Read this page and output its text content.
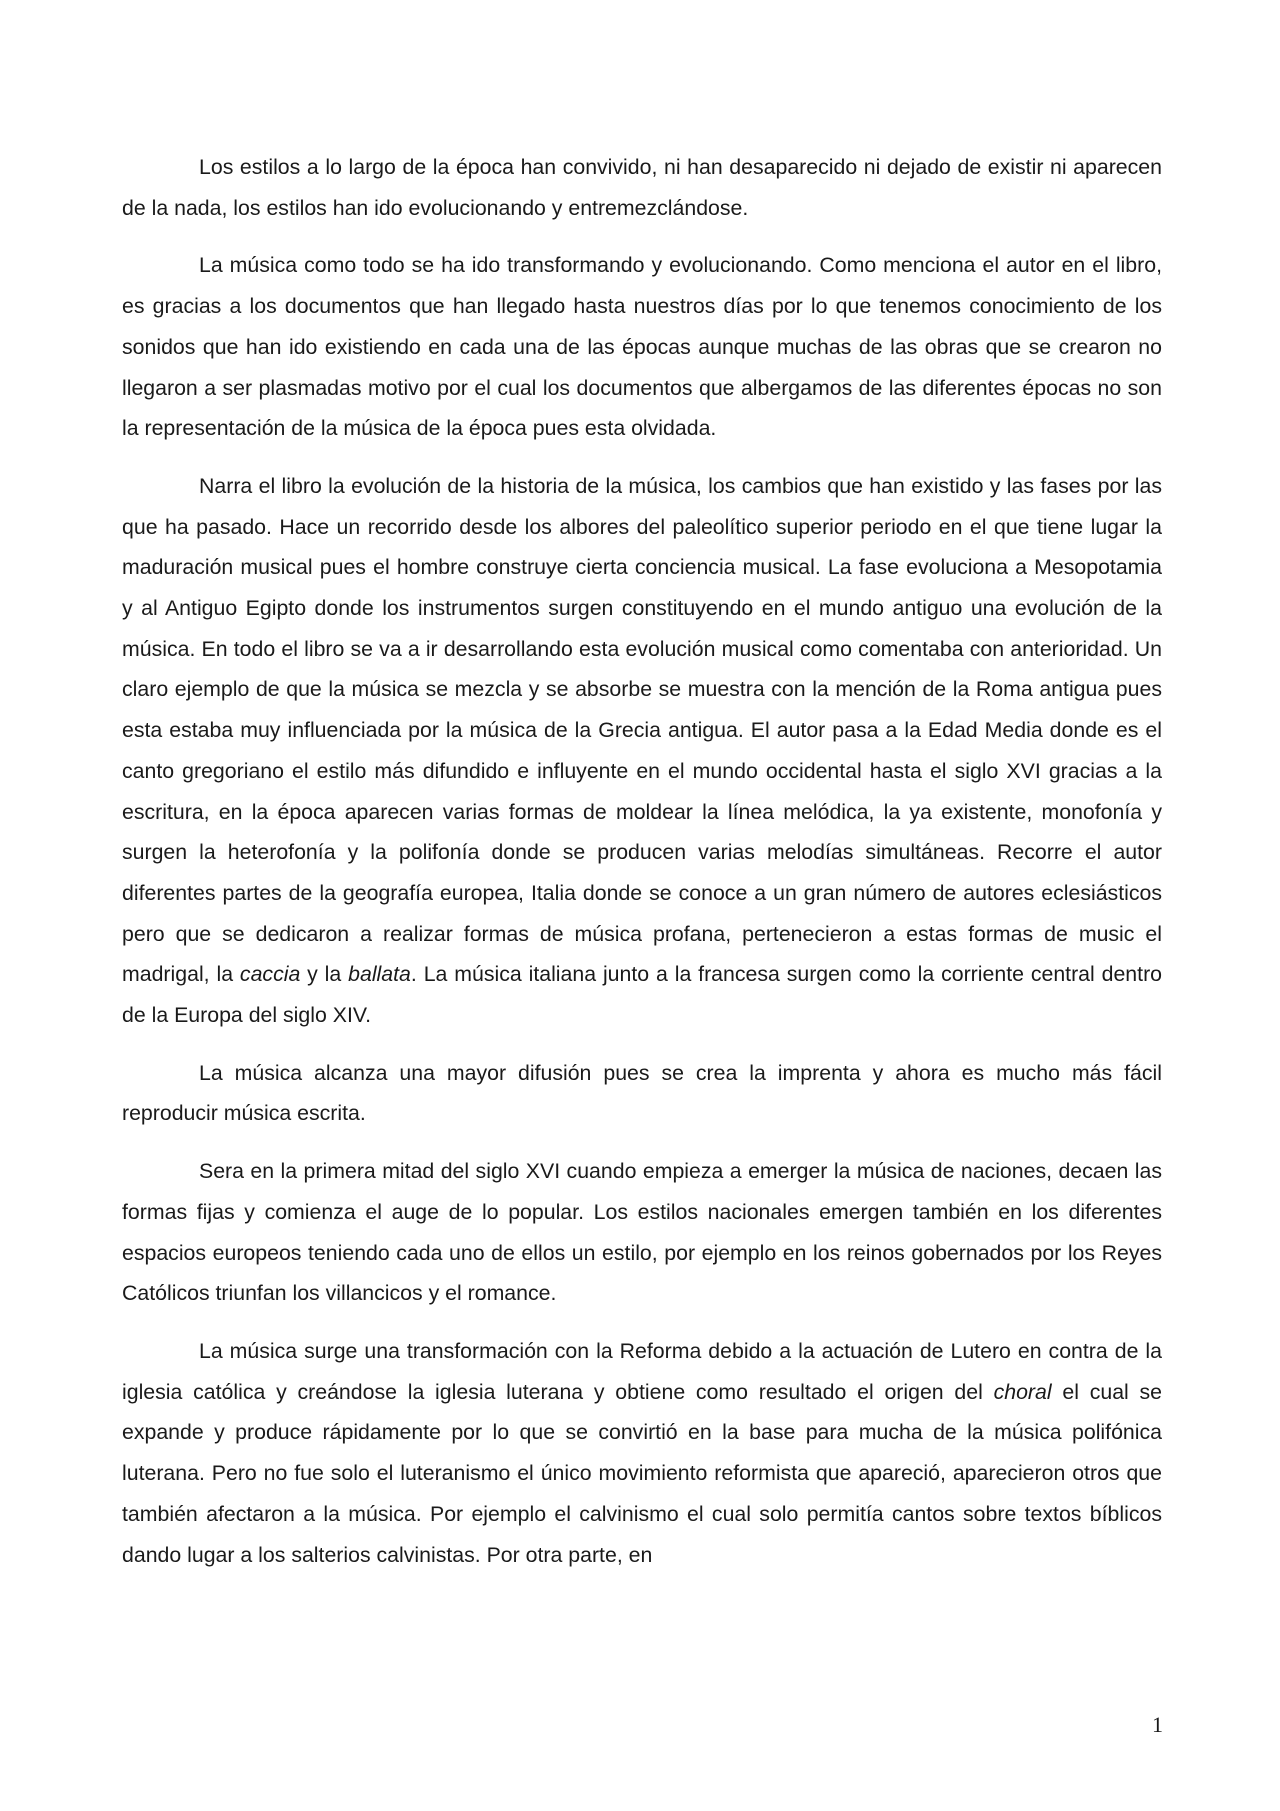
Los estilos a lo largo de la época han convivido, ni han desaparecido ni dejado de existir ni aparecen de la nada, los estilos han ido evolucionando y entremezclándose.

La música como todo se ha ido transformando y evolucionando. Como menciona el autor en el libro, es gracias a los documentos que han llegado hasta nuestros días por lo que tenemos conocimiento de los sonidos que han ido existiendo en cada una de las épocas aunque muchas de las obras que se crearon no llegaron a ser plasmadas motivo por el cual los documentos que albergamos de las diferentes épocas no son la representación de la música de la época pues esta olvidada.

Narra el libro la evolución de la historia de la música, los cambios que han existido y las fases por las que ha pasado. Hace un recorrido desde los albores del paleolítico superior periodo en el que tiene lugar la maduración musical pues el hombre construye cierta conciencia musical. La fase evoluciona a Mesopotamia y al Antiguo Egipto donde los instrumentos surgen constituyendo en el mundo antiguo una evolución de la música. En todo el libro se va a ir desarrollando esta evolución musical como comentaba con anterioridad. Un claro ejemplo de que la música se mezcla y se absorbe se muestra con la mención de la Roma antigua pues esta estaba muy influenciada por la música de la Grecia antigua. El autor pasa a la Edad Media donde es el canto gregoriano el estilo más difundido e influyente en el mundo occidental hasta el siglo XVI gracias a la escritura, en la época aparecen varias formas de moldear la línea melódica, la ya existente, monofonía y surgen la heterofonía y la polifonía donde se producen varias melodías simultáneas. Recorre el autor diferentes partes de la geografía europea, Italia donde se conoce a un gran número de autores eclesiásticos pero que se dedicaron a realizar formas de música profana, pertenecieron a estas formas de music el madrigal, la caccia y la ballata. La música italiana junto a la francesa surgen como la corriente central dentro de la Europa del siglo XIV.

La música alcanza una mayor difusión pues se crea la imprenta y ahora es mucho más fácil reproducir música escrita.

Sera en la primera mitad del siglo XVI cuando empieza a emerger la música de naciones, decaen las formas fijas y comienza el auge de lo popular. Los estilos nacionales emergen también en los diferentes espacios europeos teniendo cada uno de ellos un estilo, por ejemplo en los reinos gobernados por los Reyes Católicos triunfan los villancicos y el romance.

La música surge una transformación con la Reforma debido a la actuación de Lutero en contra de la iglesia católica y creándose la iglesia luterana y obtiene como resultado el origen del choral el cual se expande y produce rápidamente por lo que se convirtió en la base para mucha de la música polifónica luterana. Pero no fue solo el luteranismo el único movimiento reformista que apareció, aparecieron otros que también afectaron a la música. Por ejemplo el calvinismo el cual solo permitía cantos sobre textos bíblicos dando lugar a los salterios calvinistas. Por otra parte, en

1
